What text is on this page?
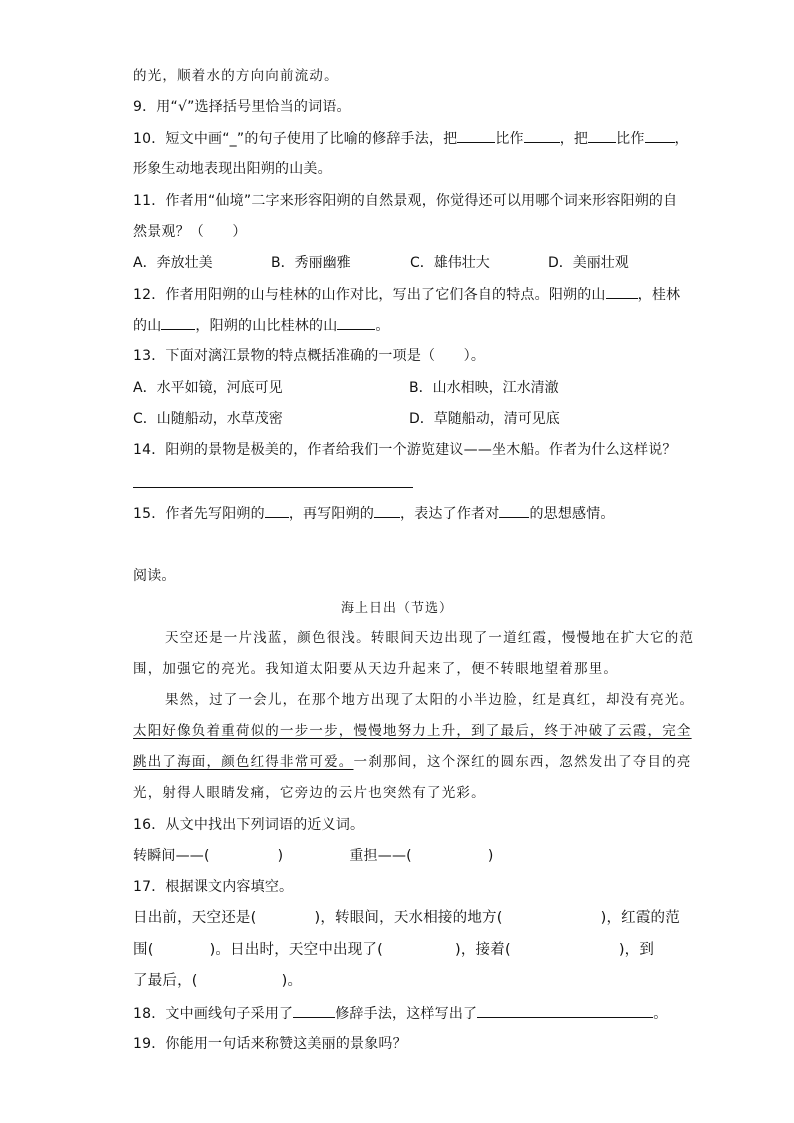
的光，顺着水的方向向前流动。
9．用“√”选择括号里恰当的词语。
10．短文中画“_”的句子使用了比喻的修辞手法，把	比作	，把 比作 ，
形象生动地表现出阳朔的山美。
11．作者用“仙境”二字来形容阳朔的自然景观，你觉得还可以用哪个词来形容阳朔的自
然景观？（　　）
A．奔放壮美	B．秀丽幽雅	C．雄伟壮大	D．美丽壮观
12．作者用阳朔的山与桂林的山作对比，写出了它们各自的特点。阳朔的山 ，桂林
的山 ，阳朔的山比桂林的山	。
13．下面对漓江景物的特点概括准确的一项是（　　）。
A．水平如镜，河底可见	B．山水相映，江水清澈
C．山随船动，水草茂密	D．草随船动，清可见底
14．阳朔的景物是极美的，作者给我们一个游览建议——坐木船。作者为什么这样说？
15．作者先写阳朔的 ，再写阳朔的 ，表达了作者对 的思想感情。
阅读。
海上日出（节选）
天空还是一片浅蓝，颜色很浅。转眼间天边出现了一道红霞，慢慢地在扩大它的范
围，加强它的亮光。我知道太阳要从天边升起来了，便不转眼地望着那里。
果然，过了一会儿，在那个地方出现了太阳的小半边脸，红是真红，却没有亮光。
太阳好像负着重荷似的一步一步，慢慢地努力上升，到了最后，终于冲破了云霞，完全
跳出了海面，颜色红得非常可爱。一刹那间，这个深红的圆东西，忽然发出了夺目的亮
光，射得人眼睛发痛，它旁边的云片也突然有了光彩。
16．从文中找出下列词语的近义词。
转瞬间——(	)	重担——(	)
17．根据课文内容填空。
日出前，天空还是(	)，转眼间，天水相接的地方(	)，红霞的范
围(	)。日出时，天空中出现了(	)，接着(	)，到
了最后，(	)。
18．文中画线句子采用了	修辞手法，这样写出了	。
19．你能用一句话来称赞这美丽的景象吗？
